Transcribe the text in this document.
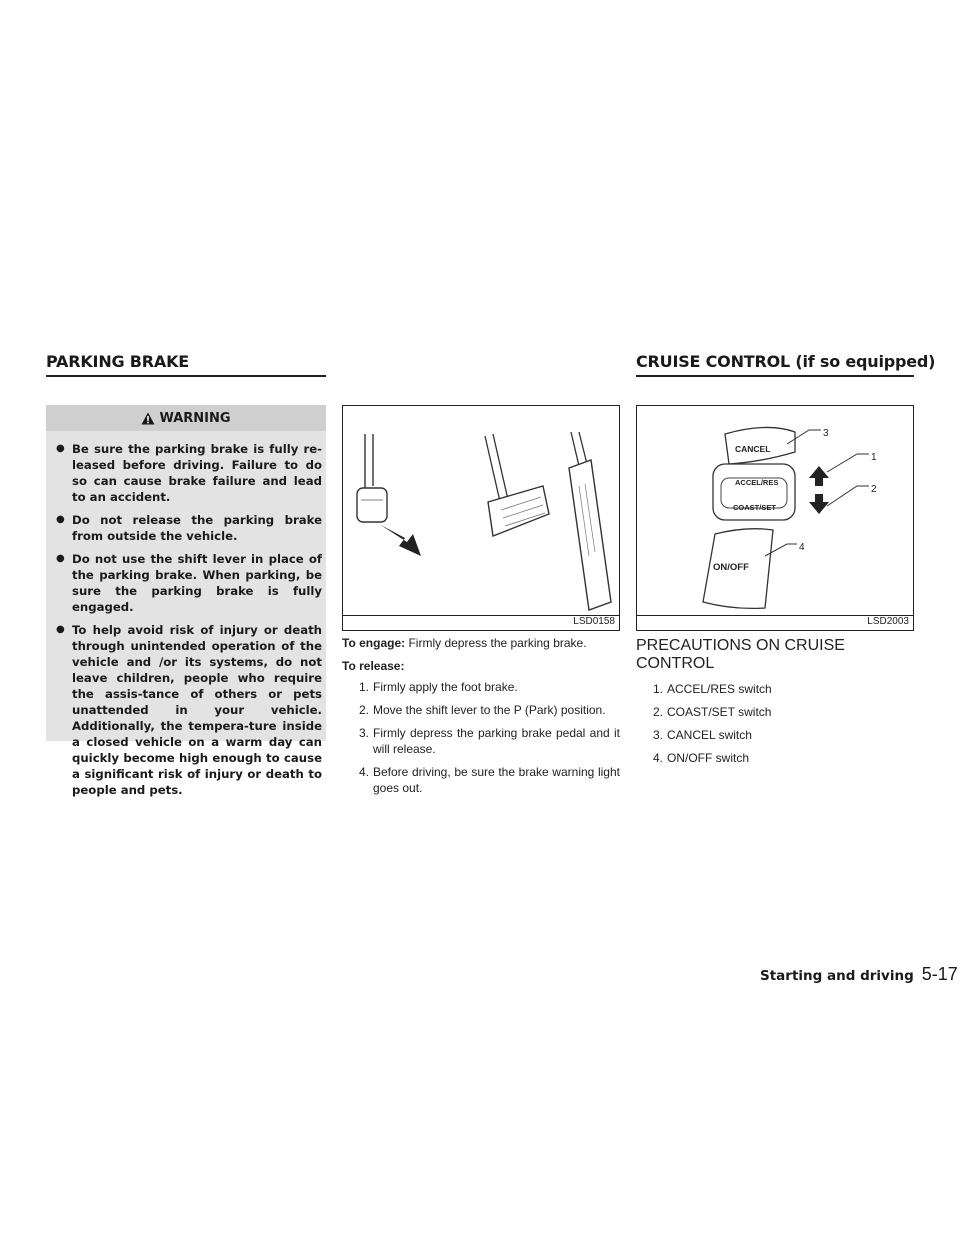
PARKING BRAKE	CRUISE CONTROL (if so equipped)
WARNING
● Be sure the parking brake is fully re-leased before driving. Failure to do so can cause brake failure and lead to an accident.
● Do not release the parking brake from outside the vehicle.
● Do not use the shift lever in place of the parking brake. When parking, be sure the parking brake is fully engaged.
● To help avoid risk of injury or death through unintended operation of the vehicle and /or its systems, do not leave children, people who require the assis-tance of others or pets unattended in your vehicle. Additionally, the tempera-ture inside a closed vehicle on a warm day can quickly become high enough to cause a significant risk of injury or death to people and pets.
LSD0158
CANCEL
3
ACCEL/RES
COAST/SET
1
2
ON/OFF
4
LSD2003
To engage: Firmly depress the parking brake.
To release:
1. Firmly apply the foot brake.
2. Move the shift lever to the P (Park) position.
3. Firmly depress the parking brake pedal and it will release.
4. Before driving, be sure the brake warning light goes out.
PRECAUTIONS ON CRUISE
CONTROL
1. ACCEL/RES switch
2. COAST/SET switch
3. CANCEL switch
4. ON/OFF switch
Starting and driving 5-17
